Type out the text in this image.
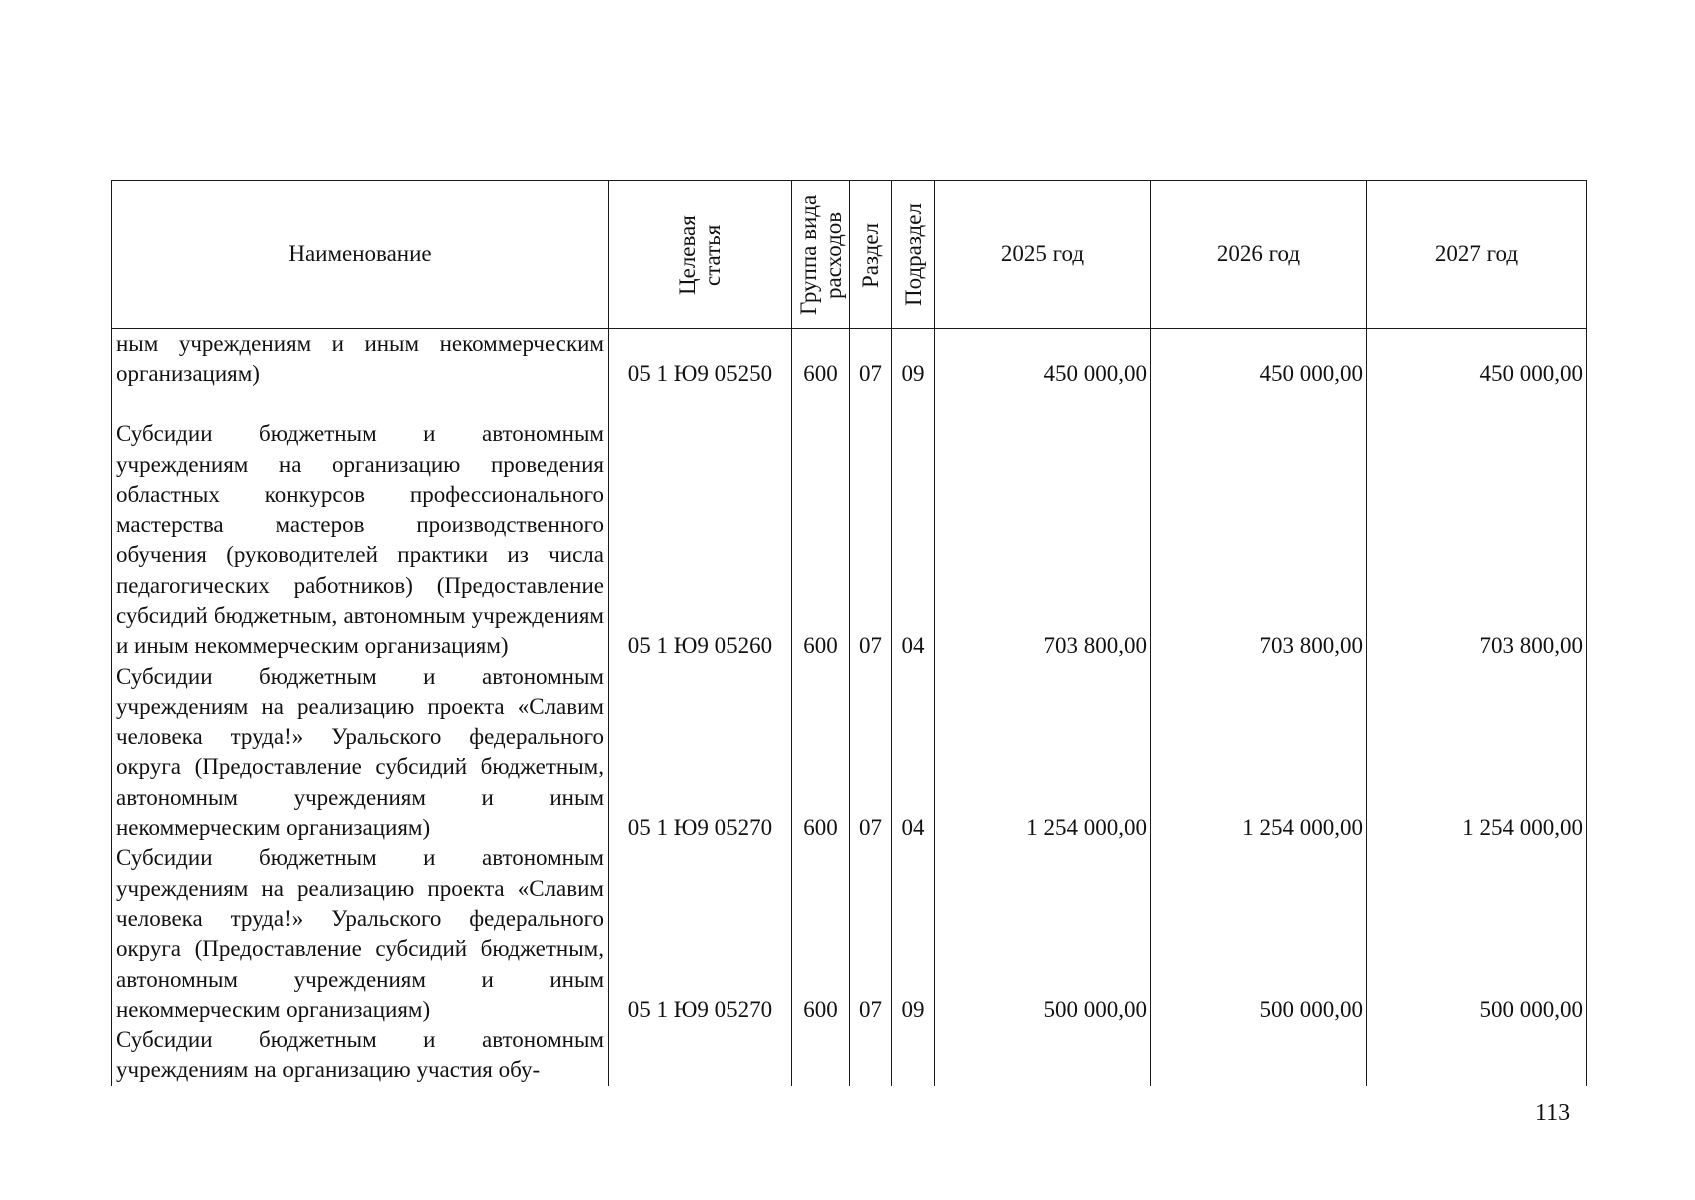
Наименование	Целевая статья	Группа вида расходов	Раздел	Подраздел	2025 год	2026 год	2027 год

ным учреждениям и иным некоммерческим организациям)	05 1 Ю9 05250	600	07	09	450 000,00	450 000,00	450 000,00
Субсидии бюджетным и автономным учреждениям на организацию проведения областных конкурсов профессионального мастерства мастеров производственного обучения (руководителей практики из числа педагогических работников) (Предоставление субсидий бюджетным, автономным учреждениям и иным некоммерческим организациям)	05 1 Ю9 05260	600	07	04	703 800,00	703 800,00	703 800,00
Субсидии бюджетным и автономным учреждениям на реализацию проекта «Славим человека труда!» Уральского федерального округа (Предоставление субсидий бюджетным, автономным учреждениям и иным некоммерческим организациям)	05 1 Ю9 05270	600	07	04	1 254 000,00	1 254 000,00	1 254 000,00
Субсидии бюджетным и автономным учреждениям на реализацию проекта «Славим человека труда!» Уральского федерального округа (Предоставление субсидий бюджетным, автономным учреждениям и иным некоммерческим организациям)	05 1 Ю9 05270	600	07	09	500 000,00	500 000,00	500 000,00
Субсидии бюджетным и автономным учреждениям на организацию участия обу-							
113
